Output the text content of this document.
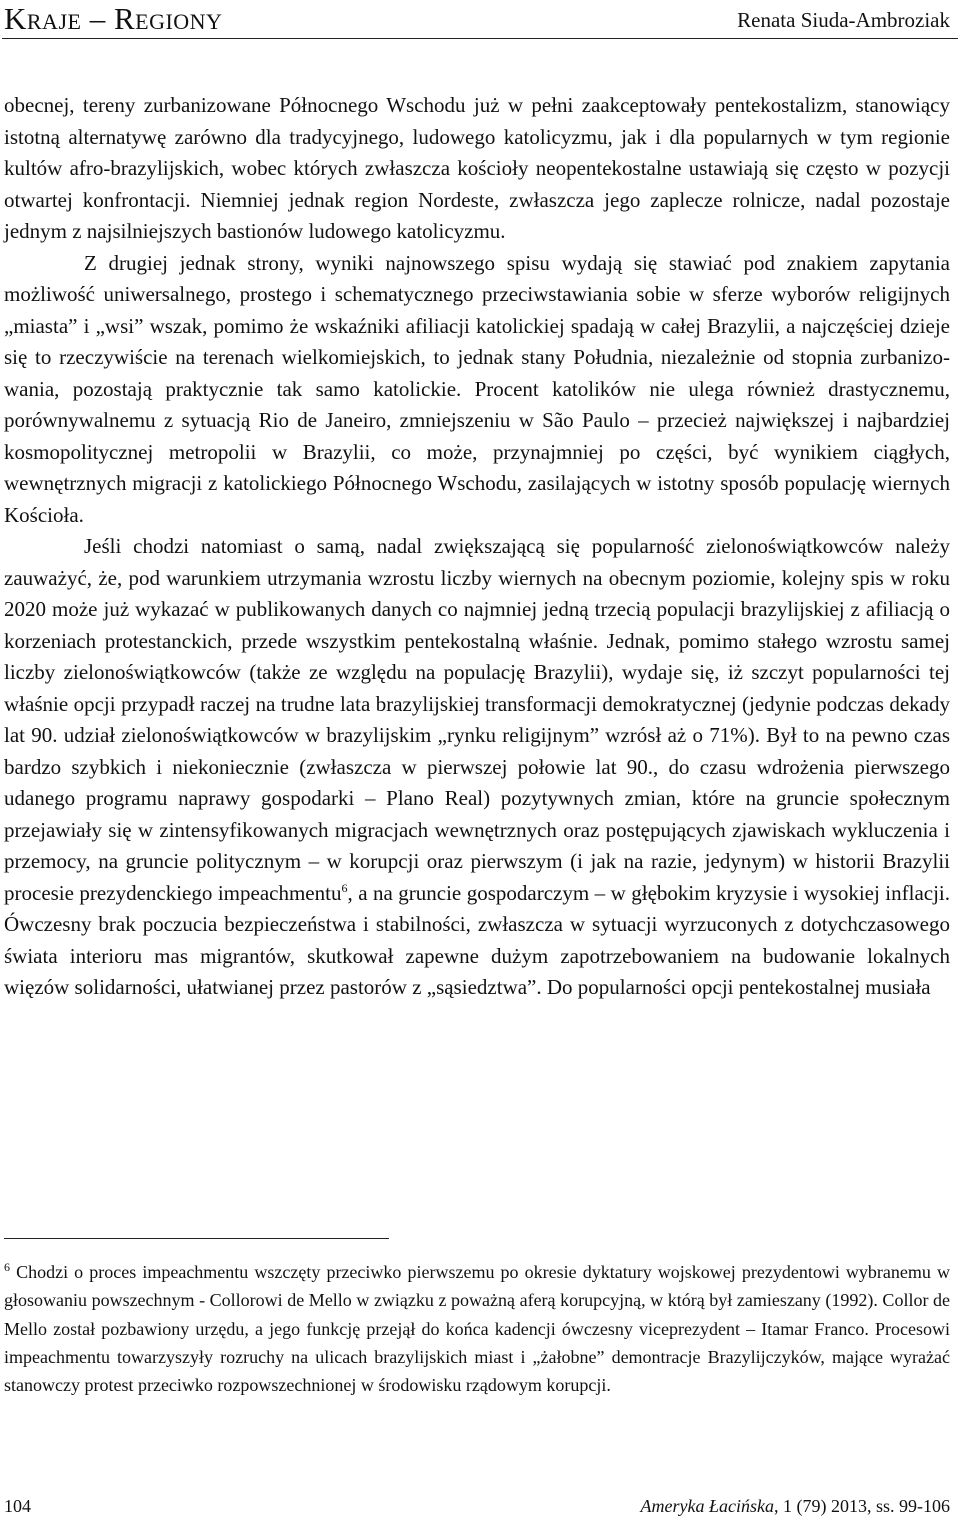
Kraje – Regiony	Renata Siuda-Ambroziak

obecnej, tereny zurbanizowane Północnego Wschodu już w pełni zaakceptowały pentekostalizm, stanowiący istotną alternatywę zarówno dla tradycyjnego, ludowego katolicyzmu, jak i dla popularnych w tym regionie kultów afro-brazylijskich, wobec których zwłaszcza kościoły neopentekostalne ustawiają się często w pozycji otwartej konfrontacji. Niemniej jednak region Nordeste, zwłaszcza jego zaplecze rolnicze, nadal pozostaje jednym z najsilniejszych bastionów ludowego katolicyzmu.

Z drugiej jednak strony, wyniki najnowszego spisu wydają się stawiać pod znakiem zapytania możliwość uniwersalnego, prostego i schematycznego przeciwstawiania sobie w sferze wyborów religijnych „miasta” i „wsi” wszak, pomimo że wskaźniki afiliacji katolickiej spadają w całej Brazylii, a najczęściej dzieje się to rzeczywiście na terenach wielkomiejskich, to jednak stany Południa, niezależnie od stopnia zurbanizowania, pozostają praktycznie tak samo katolickie. Procent katolików nie ulega również drastycznemu, porównywalnemu z sytuacją Rio de Janeiro, zmniejszeniu w São Paulo – przecież największej i najbardziej kosmopolitycznej metropolii w Brazylii, co może, przynajmniej po części, być wynikiem ciągłych, wewnętrznych migracji z katolickiego Północnego Wschodu, zasilających w istotny sposób populację wiernych Kościoła.

Jeśli chodzi natomiast o samą, nadal zwiększającą się popularność zielonoświątkowców należy zauważyć, że, pod warunkiem utrzymania wzrostu liczby wiernych na obecnym poziomie, kolejny spis w roku 2020 może już wykazać w publikowanych danych co najmniej jedną trzecią populacji brazylijskiej z afiliacją o korzeniach protestanckich, przede wszystkim pentekostalną właśnie. Jednak, pomimo stałego wzrostu samej liczby zielonoświątkowców (także ze względu na populację Brazylii), wydaje się, iż szczyt popularności tej właśnie opcji przypadł raczej na trudne lata brazylijskiej transformacji demokratycznej (jedynie podczas dekady lat 90. udział zielonoświątkowców w brazylijskim „rynku religijnym” wzrósł aż o 71%). Był to na pewno czas bardzo szybkich i niekoniecznie (zwłaszcza w pierwszej połowie lat 90., do czasu wdrożenia pierwszego udanego programu naprawy gospodarki – Plano Real) pozytywnych zmian, które na gruncie społecznym przejawiały się w zintensyfikowanych migracjach wewnętrznych oraz postępujących zjawiskach wykluczenia i przemocy, na gruncie politycznym – w korupcji oraz pierwszym (i jak na razie, jedynym) w historii Brazylii procesie prezydenckiego impeachmentu$^6$, a na gruncie gospodarczym – w głębokim kryzysie i wysokiej inflacji. Ówczesny brak poczucia bezpieczeństwa i stabilności, zwłaszcza w sytuacji wyrzuconych z dotychczasowego świata interioru mas migrantów, skutkował zapewne dużym zapotrzebowaniem na budowanie lokalnych więzów solidarności, ułatwianej przez pastorów z „sąsiedztwa”. Do popularności opcji pentekostalnej musiała

$^6$ Chodzi o proces impeachmentu wszczęty przeciwko pierwszemu po okresie dyktatury wojskowej prezydentowi wybranemu w głosowaniu powszechnym - Collorowi de Mello w związku z poważną aferą korupcyjną, w którą był zamieszany (1992). Collor de Mello został pozbawiony urzędu, a jego funkcję przejął do końca kadencji ówczesny viceprezydent – Itamar Franco. Procesowi impeachmentu towarzyszyły rozruchy na ulicach brazylijskich miast i „żałobne” demontracje Brazylijczyków, mające wyrażać stanowczy protest przeciwko rozpowszechnionej w środowisku rządowym korupcji.
104	Ameryka Łacińska, 1 (79) 2013, ss. 99-106
